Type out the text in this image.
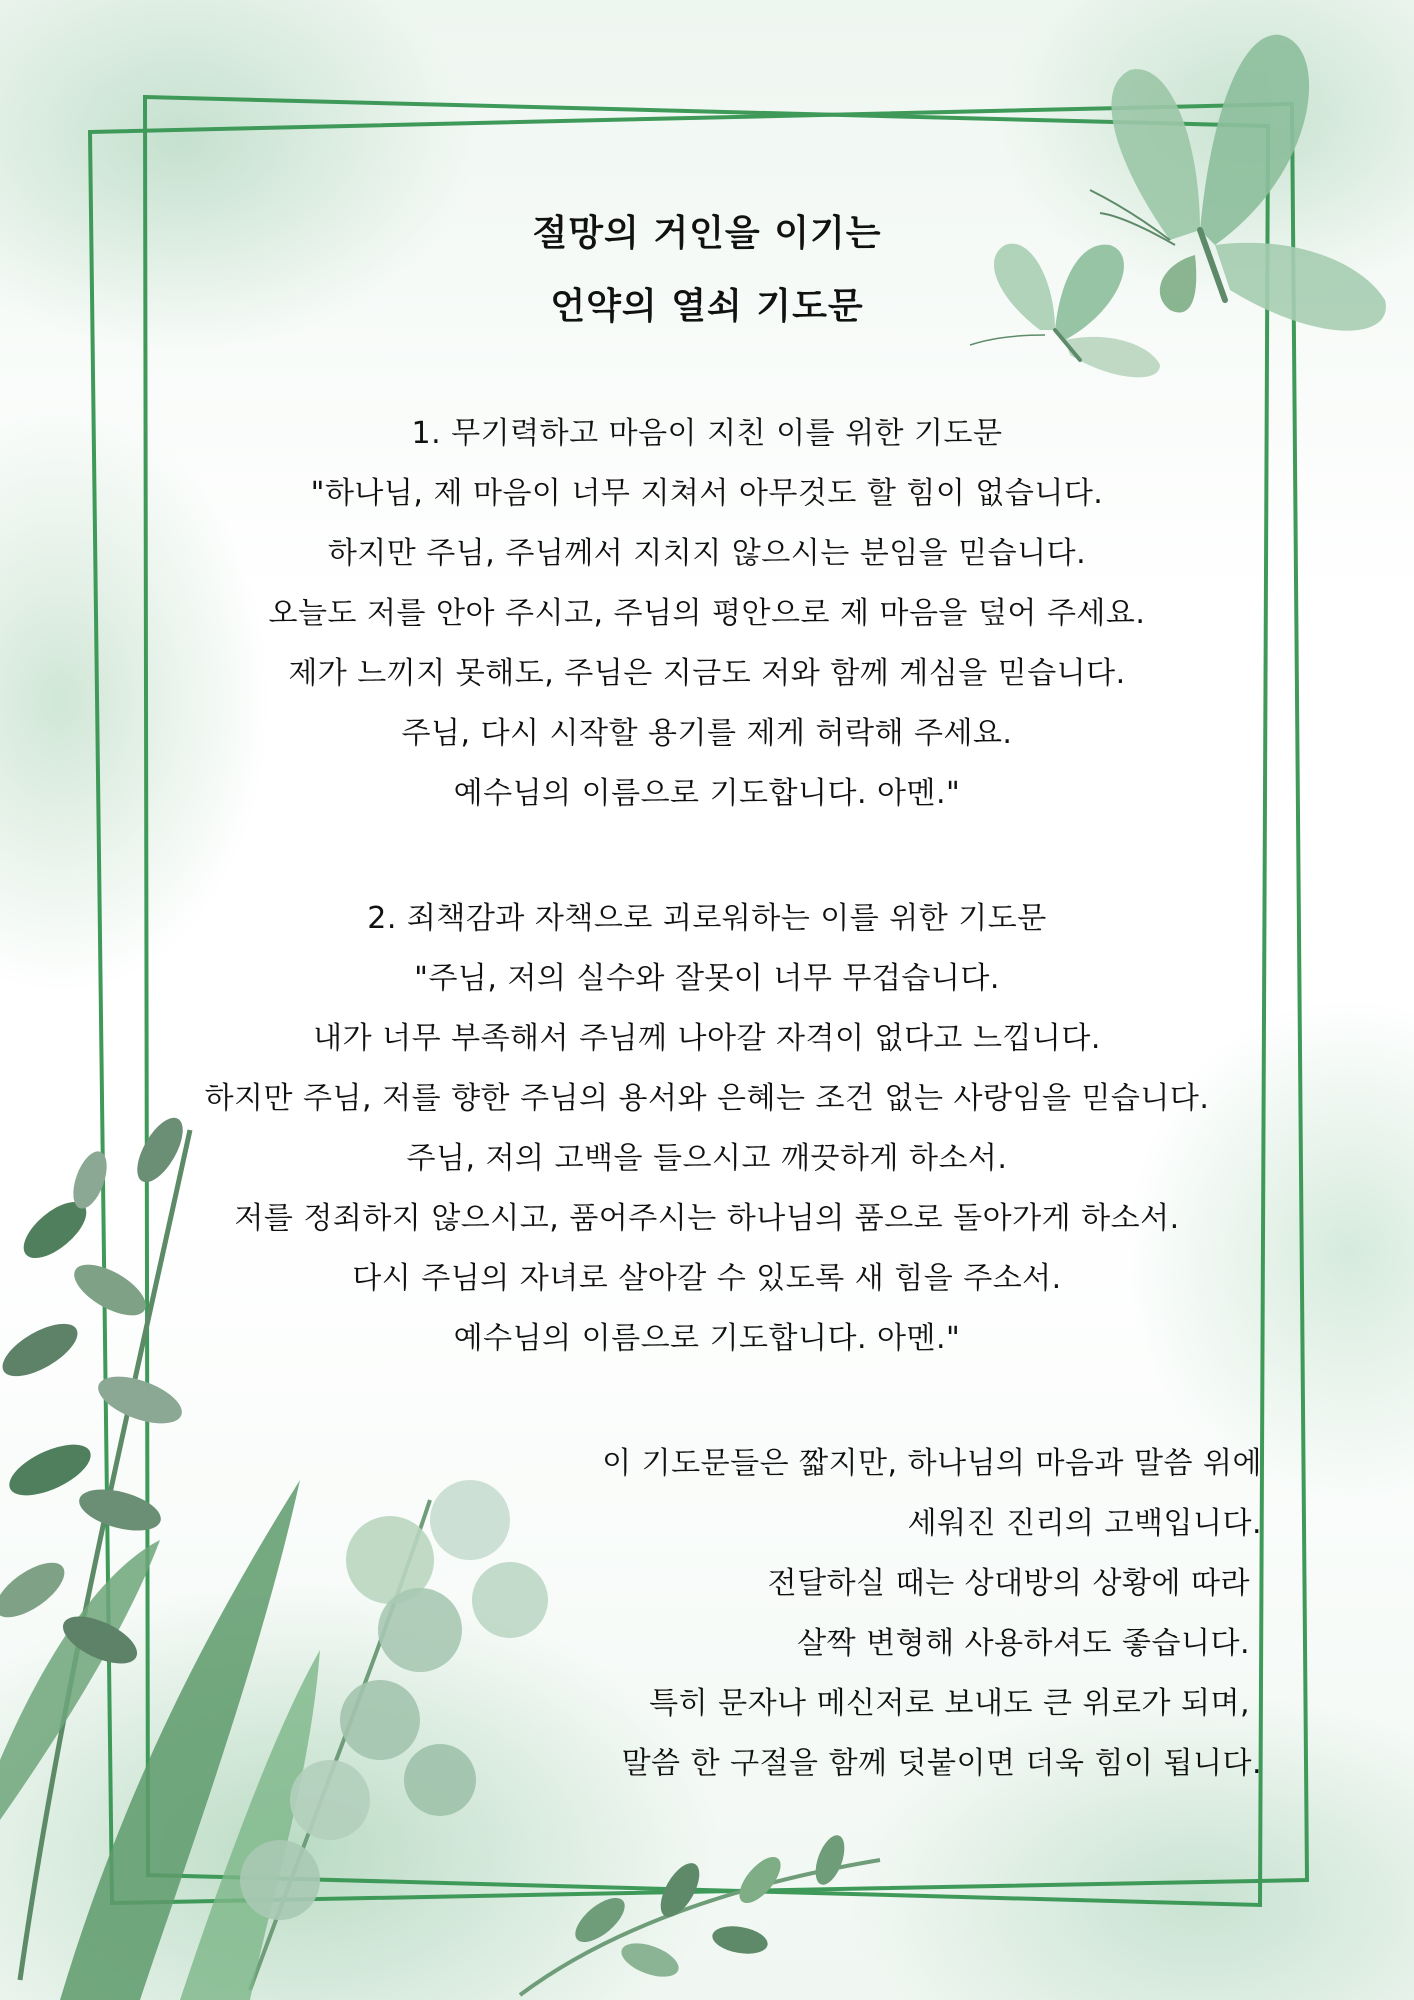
절망의 거인을 이기는
언약의 열쇠 기도문
1. 무기력하고 마음이 지친 이를 위한 기도문
"하나님, 제 마음이 너무 지쳐서 아무것도 할 힘이 없습니다.
하지만 주님, 주님께서 지치지 않으시는 분임을 믿습니다.
오늘도 저를 안아 주시고, 주님의 평안으로 제 마음을 덮어 주세요.
제가 느끼지 못해도, 주님은 지금도 저와 함께 계심을 믿습니다.
주님, 다시 시작할 용기를 제게 허락해 주세요.
예수님의 이름으로 기도합니다. 아멘."
2. 죄책감과 자책으로 괴로워하는 이를 위한 기도문
"주님, 저의 실수와 잘못이 너무 무겁습니다.
내가 너무 부족해서 주님께 나아갈 자격이 없다고 느낍니다.
하지만 주님, 저를 향한 주님의 용서와 은혜는 조건 없는 사랑임을 믿습니다.
주님, 저의 고백을 들으시고 깨끗하게 하소서.
저를 정죄하지 않으시고, 품어주시는 하나님의 품으로 돌아가게 하소서.
다시 주님의 자녀로 살아갈 수 있도록 새 힘을 주소서.
예수님의 이름으로 기도합니다. 아멘."
이 기도문들은 짧지만, 하나님의 마음과 말씀 위에
세워진 진리의 고백입니다.
전달하실 때는 상대방의 상황에 따라
살짝 변형해 사용하셔도 좋습니다.
특히 문자나 메신저로 보내도 큰 위로가 되며,
말씀 한 구절을 함께 덧붙이면 더욱 힘이 됩니다.
